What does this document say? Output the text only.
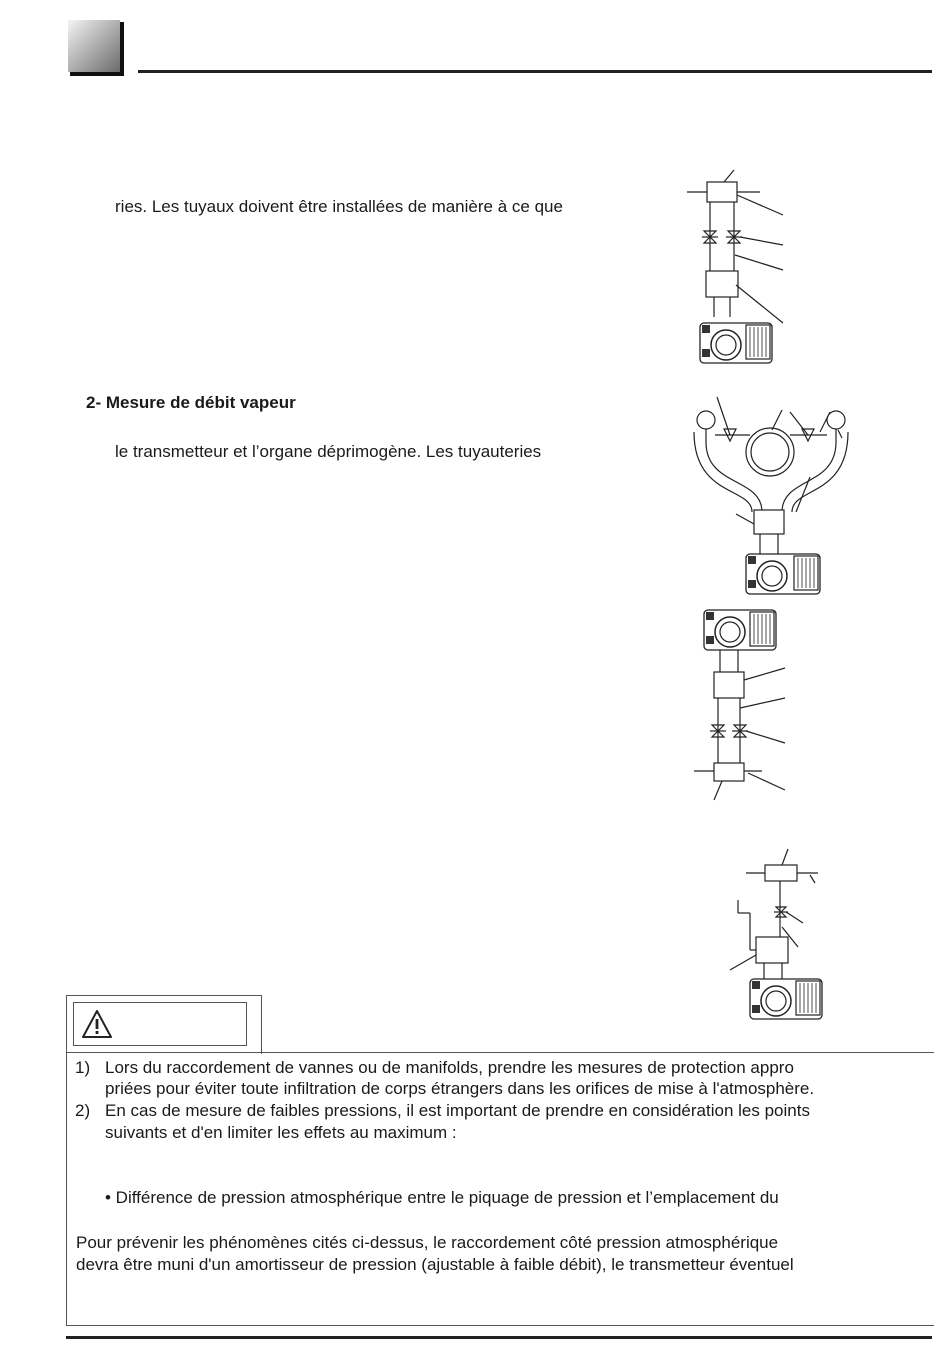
ries. Les tuyaux doivent être installées de manière à ce que
2- Mesure de débit vapeur
le transmetteur et l’organe déprimogène. Les tuyauteries
1) Lors du raccordement de vannes ou de manifolds, prendre les mesures de protection appro
priées pour éviter toute infiltration de corps étrangers dans les orifices de mise à l'atmosphère.
2) En cas de mesure de faibles pressions, il est important de prendre en considération les points
suivants et d'en limiter les effets au maximum :
• Différence de pression atmosphérique entre le piquage de pression et l’emplacement du
Pour prévenir les phénomènes cités ci-dessus, le raccordement côté pression atmosphérique
devra être muni d'un amortisseur de pression (ajustable à faible débit), le transmetteur éventuel
